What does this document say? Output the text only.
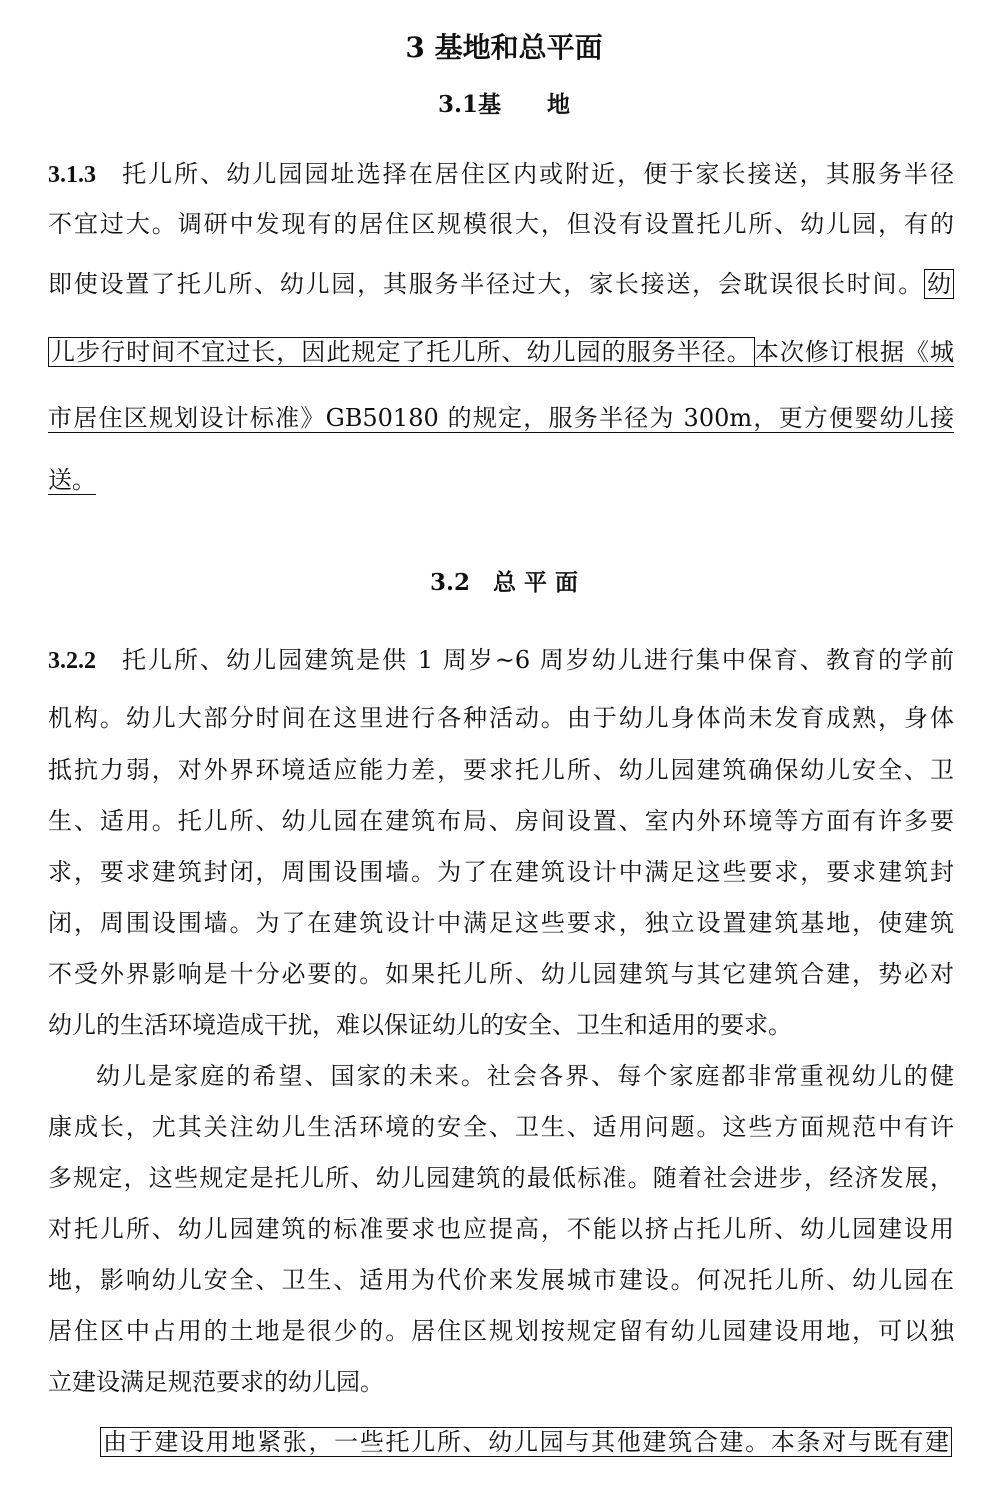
3 基地和总平面
3.1基　　地
3.1.3 托儿所、幼儿园园址选择在居住区内或附近，便于家长接送，其服务半径
不宜过大。调研中发现有的居住区规模很大，但没有设置托儿所、幼儿园，有的
即使设置了托儿所、幼儿园，其服务半径过大，家长接送，会耽误很长时间。 幼
儿步行时间不宜过长，因此规定了托儿所、幼儿园的服务半径。 本次修订根据《城
市居住区规划设计标准》GB50180 的规定，服务半径为 300m，更方便婴幼儿接
送。
3.2　总 平 面
3.2.2 托儿所、幼儿园建筑是供 1 周岁~6 周岁幼儿进行集中保育、教育的学前
机构。幼儿大部分时间在这里进行各种活动。由于幼儿身体尚未发育成熟，身体
抵抗力弱，对外界环境适应能力差，要求托儿所、幼儿园建筑确保幼儿安全、卫
生、适用。托儿所、幼儿园在建筑布局、房间设置、室内外环境等方面有许多要
求，要求建筑封闭，周围设围墙。为了在建筑设计中满足这些要求，要求建筑封
闭，周围设围墙。为了在建筑设计中满足这些要求，独立设置建筑基地，使建筑
不受外界影响是十分必要的。如果托儿所、幼儿园建筑与其它建筑合建，势必对
幼儿的生活环境造成干扰，难以保证幼儿的安全、卫生和适用的要求。
幼儿是家庭的希望、国家的未来。社会各界、每个家庭都非常重视幼儿的健
康成长，尤其关注幼儿生活环境的安全、卫生、适用问题。这些方面规范中有许
多规定，这些规定是托儿所、幼儿园建筑的最低标准。随着社会进步，经济发展，
对托儿所、幼儿园建筑的标准要求也应提高，不能以挤占托儿所、幼儿园建设用
地，影响幼儿安全、卫生、适用为代价来发展城市建设。何况托儿所、幼儿园在
居住区中占用的土地是很少的。居住区规划按规定留有幼儿园建设用地，可以独
立建设满足规范要求的幼儿园。
由于建设用地紧张，一些托儿所、幼儿园与其他建筑合建。本条对与既有建
